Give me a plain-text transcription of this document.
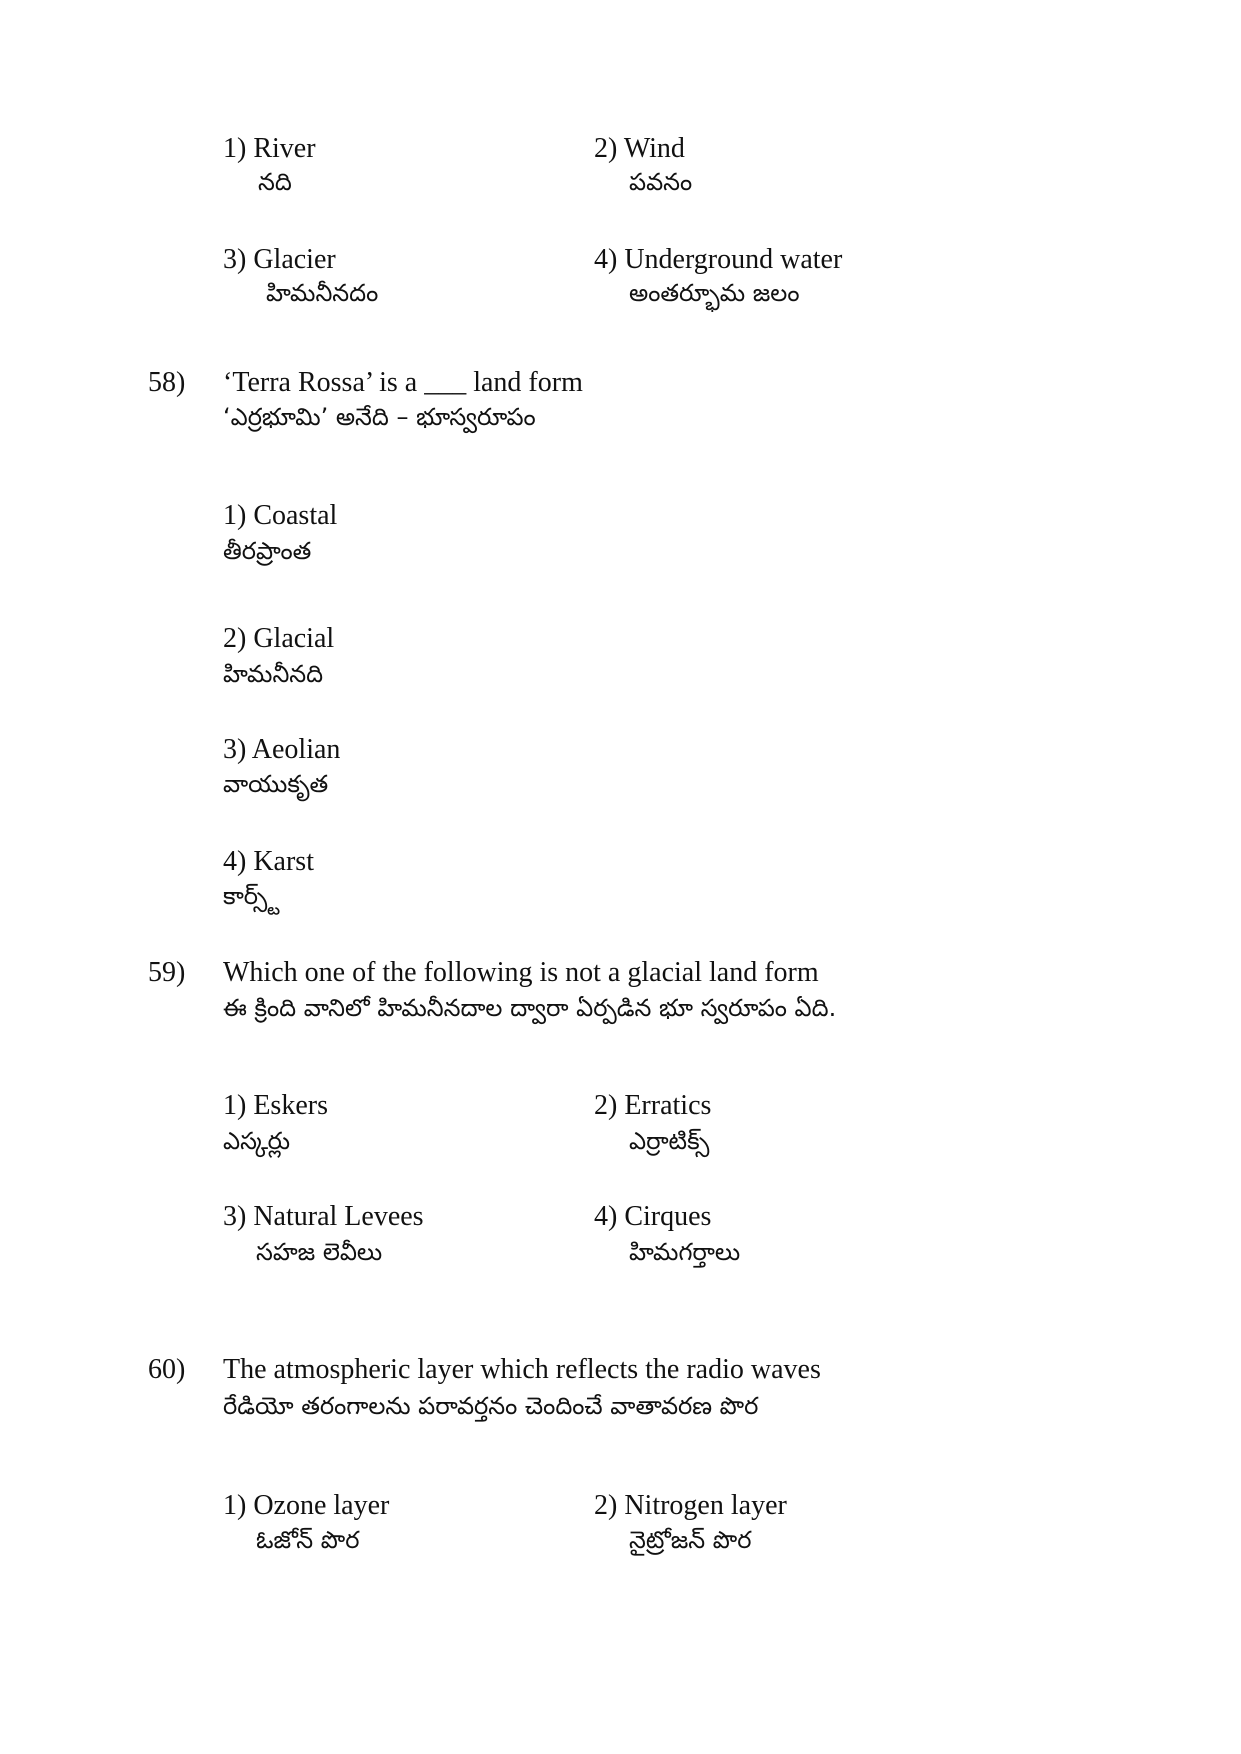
1) River
నది
2) Wind
పవనం
3) Glacier
హిమనీనదం
4) Underground water
అంతర్భూమ జలం
58) ‘Terra Rossa’ is a ___ land form
‘ఎర్రభూమి’ అనేది – భూస్వరూపం
1) Coastal
తీరప్రాంత
2) Glacial
హిమనీనది
3) Aeolian
వాయుకృత
4) Karst
కార్స్ట్
59) Which one of the following is not a glacial land form
ఈ క్రింది వానిలో హిమనీనదాల ద్వారా ఏర్పడిన భూ స్వరూపం ఏది.
1) Eskers
ఎస్కర్లు
2) Erratics
ఎర్రాటిక్స్
3) Natural Levees
సహజ లెవీలు
4) Cirques
హిమగర్తాలు
60) The atmospheric layer which reflects the radio waves
రేడియో తరంగాలను పరావర్తనం చెందించే వాతావరణ పొర
1) Ozone layer
ఓజోన్ పొర
2) Nitrogen layer
నైట్రోజన్ పొర
